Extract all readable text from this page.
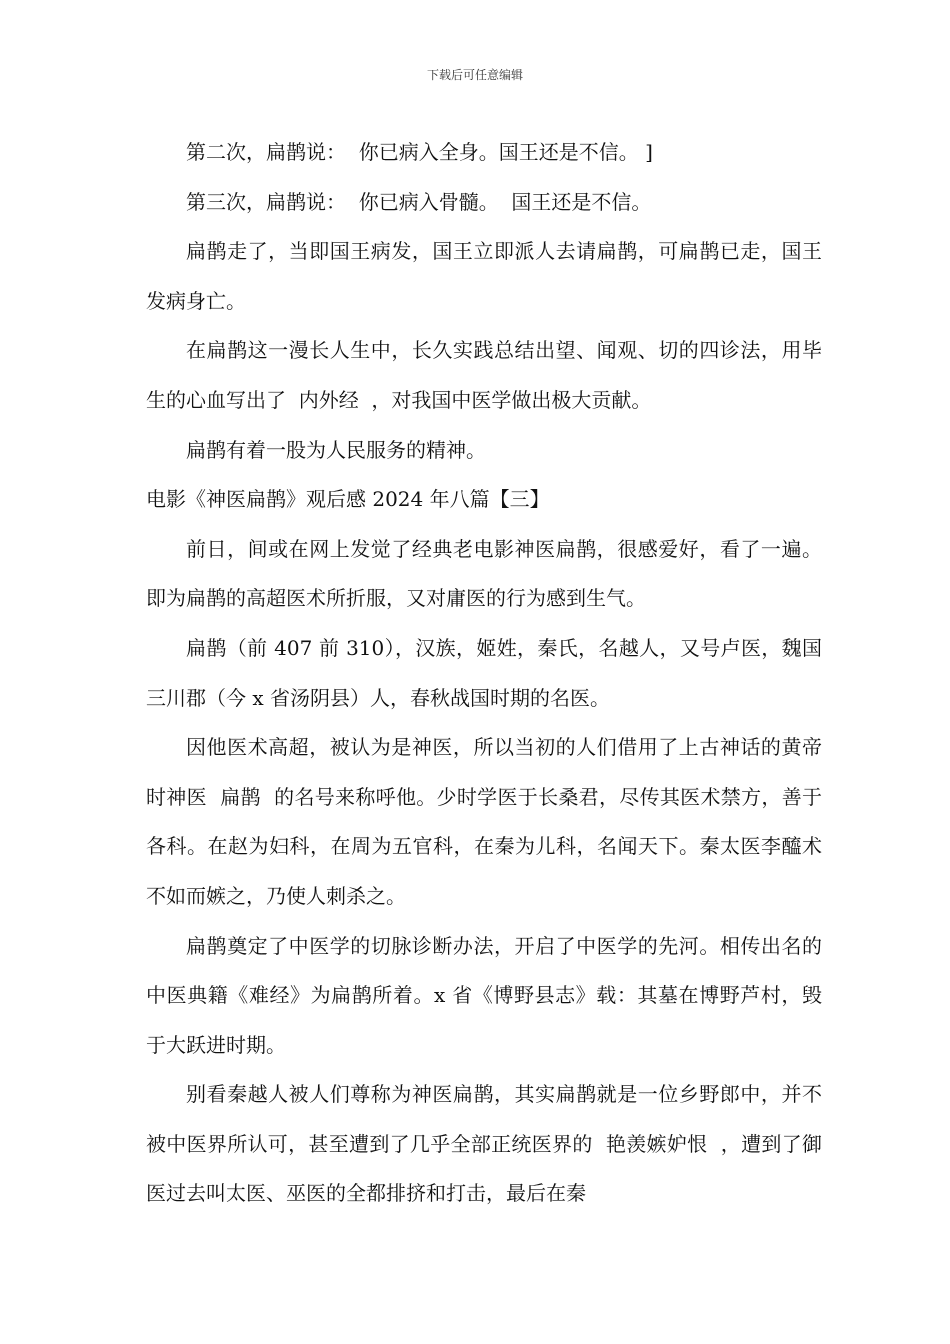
下载后可任意编辑

第二次，扁鹊说：  你已病入全身。国王还是不信。 ]

第三次，扁鹊说：  你已病入骨髓。  国王还是不信。

扁鹊走了，当即国王病发，国王立即派人去请扁鹊，可扁鹊已走，国王发病身亡。

在扁鹊这一漫长人生中，长久实践总结出望、闻观、切的四诊法，用毕生的心血写出了  内外经  ，对我国中医学做出极大贡献。

扁鹊有着一股为人民服务的精神。

电影《神医扁鹊》观后感 2024 年八篇【三】

前日，间或在网上发觉了经典老电影神医扁鹊，很感爱好，看了一遍。即为扁鹊的高超医术所折服，又对庸医的行为感到生气。

扁鹊（前 407 前 310），汉族，姬姓，秦氏，名越人，又号卢医，魏国三川郡（今 x 省汤阴县）人，春秋战国时期的名医。

因他医术高超，被认为是神医，所以当初的人们借用了上古神话的黄帝时神医  扁鹊  的名号来称呼他。少时学医于长桑君，尽传其医术禁方，善于各科。在赵为妇科，在周为五官科，在秦为儿科，名闻天下。秦太医李醯术不如而嫉之，乃使人刺杀之。

扁鹊奠定了中医学的切脉诊断办法，开启了中医学的先河。相传出名的中医典籍《难经》为扁鹊所着。x 省《博野县志》载：其墓在博野芦村，毁于大跃进时期。

别看秦越人被人们尊称为神医扁鹊，其实扁鹊就是一位乡野郎中，并不被中医界所认可，甚至遭到了几乎全部正统医界的  艳羡嫉妒恨  ，遭到了御医过去叫太医、巫医的全都排挤和打击，最后在秦
